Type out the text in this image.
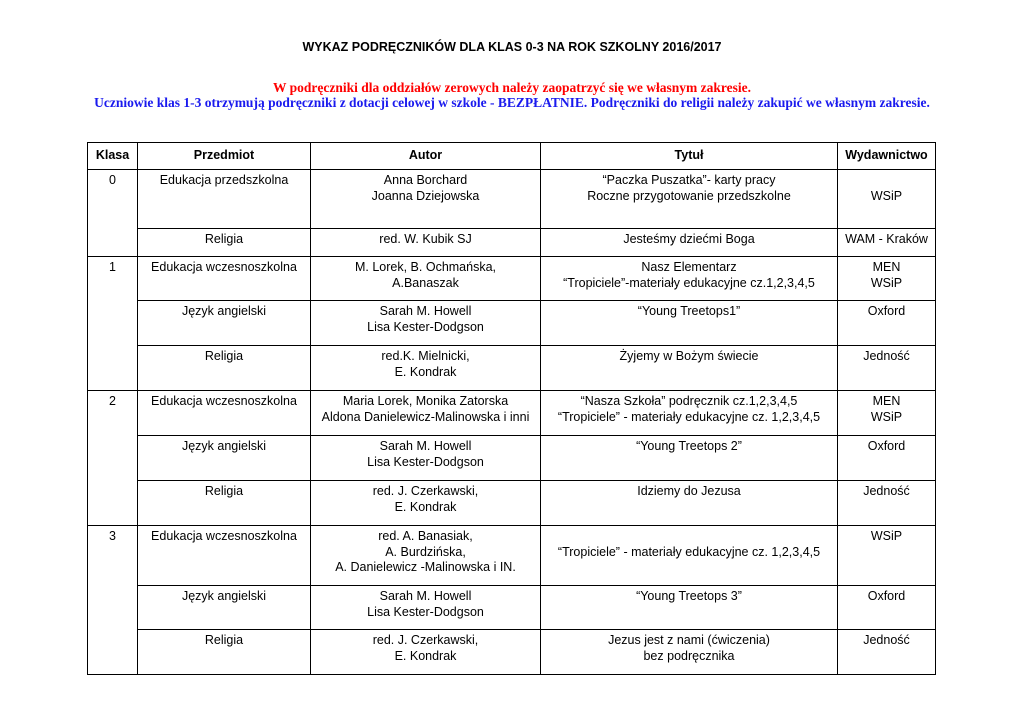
WYKAZ PODRĘCZNIKÓW DLA KLAS 0-3 NA ROK SZKOLNY 2016/2017
W podręczniki dla oddziałów zerowych należy zaopatrzyć się we własnym zakresie.
Uczniowie klas 1-3 otrzymują podręczniki z dotacji celowej w szkole - BEZPŁATNIE. Podręczniki do religii należy zakupić we własnym zakresie.
Klasa	Przedmiot	Autor	Tytuł	Wydawnictwo
0	Edukacja przedszkolna	Anna Borchard
Joanna Dziejowska	“Paczka Puszatka”- karty pracy
Roczne przygotowanie przedszkolne	WSiP

	Religia	red. W. Kubik SJ	Jesteśmy dziećmi Boga	WAM - Kraków

1	Edukacja wczesnoszkolna	M. Lorek, B. Ochmańska,
A.Banaszak	Nasz Elementarz
“Tropiciele”-materiały edukacyjne cz.1,2,3,4,5	MEN
WSiP

	Język angielski	Sarah M. Howell
Lisa Kester-Dodgson	“Young Treetops1”	Oxford

	Religia	red.K. Mielnicki,
E. Kondrak	Żyjemy w Bożym świecie	Jedność

2	Edukacja wczesnoszkolna	Maria Lorek, Monika Zatorska
Aldona Danielewicz-Malinowska i inni	“Nasza Szkoła” podręcznik cz.1,2,3,4,5
“Tropiciele” - materiały edukacyjne cz. 1,2,3,4,5	MEN
WSiP

	Język angielski	Sarah M. Howell
Lisa Kester-Dodgson	“Young Treetops 2”	Oxford

	Religia	red. J. Czerkawski,
E. Kondrak	Idziemy do Jezusa	Jedność

3	Edukacja wczesnoszkolna	red. A. Banasiak,
A. Burdzińska,
A. Danielewicz -Malinowska i IN.	“Tropiciele” - materiały edukacyjne cz. 1,2,3,4,5	WSiP

	Język angielski	Sarah M. Howell
Lisa Kester-Dodgson	“Young Treetops 3”	Oxford

	Religia	red. J. Czerkawski,
E. Kondrak	Jezus jest z nami (ćwiczenia)
bez podręcznika	Jedność
